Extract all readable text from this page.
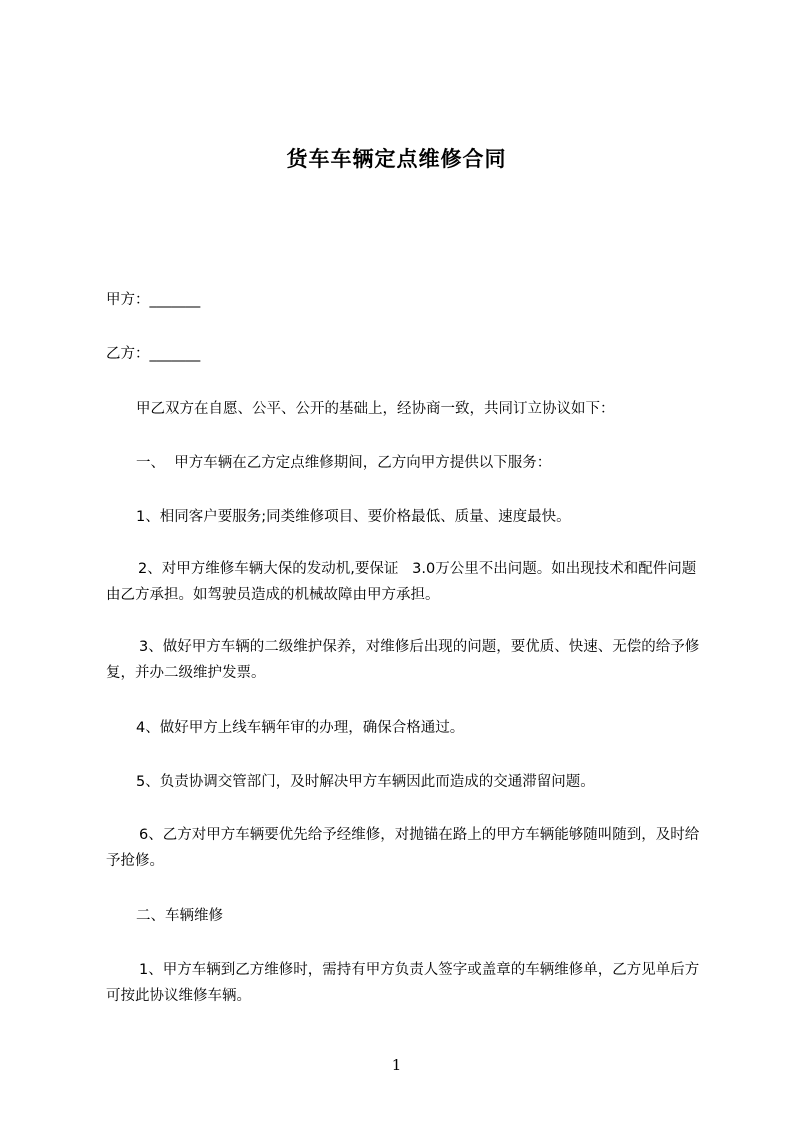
货车车辆定点维修合同

甲方：_______

乙方：_______

甲乙双方在自愿、公平、公开的基础上，经协商一致，共同订立协议如下：

一、  甲方车辆在乙方定点维修期间，乙方向甲方提供以下服务：

1、相同客户要服务;同类维修项目、要价格最低、质量、速度最快。

2、对甲方维修车辆大保的发动机,要保证   3.0万公里不出问题。如出现技术和配件问题由乙方承担。如驾驶员造成的机械故障由甲方承担。

3、做好甲方车辆的二级维护保养，对维修后出现的问题，要优质、快速、无偿的给予修复，并办二级维护发票。

4、做好甲方上线车辆年审的办理，确保合格通过。

5、负责协调交管部门，及时解决甲方车辆因此而造成的交通滞留问题。

6、乙方对甲方车辆要优先给予经维修，对抛锚在路上的甲方车辆能够随叫随到，及时给予抢修。

二、车辆维修

1、甲方车辆到乙方维修时，需持有甲方负责人签字或盖章的车辆维修单，乙方见单后方可按此协议维修车辆。

1
